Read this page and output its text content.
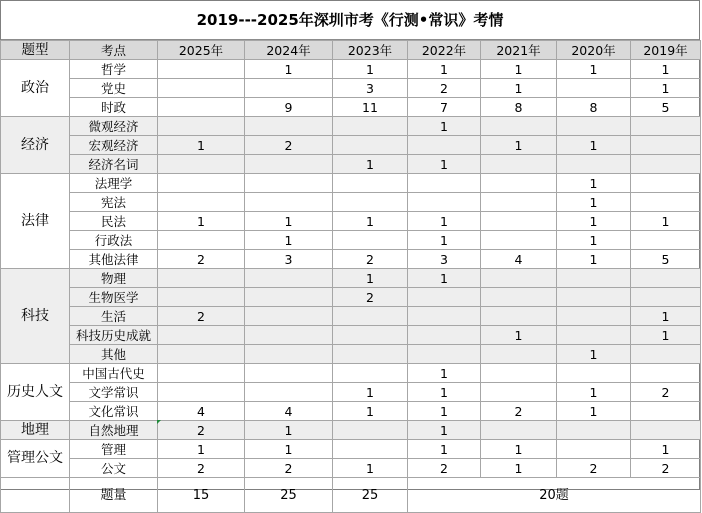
2019---2025年深圳市考《行测•常识》考情
题型	考点	2025年	2024年	2023年	2022年	2021年	2020年	2019年
政治	哲学		1	1	1	1	1	1
	党史			3	2	1		1
	时政		9	11	7	8	8	5
经济	微观经济				1			
	宏观经济	1	2			1	1	
	经济名词			1	1			
法律	法理学						1	
	宪法						1	
	民法	1	1	1	1		1	1
	行政法		1		1		1	
	其他法律	2	3	2	3	4	1	5
科技	物理			1	1			
	生物医学			2				
	生活	2						1
	科技历史成就					1		1
	其他						1	
历史人文	中国古代史				1			
	文学常识			1	1		1	2
	文化常识	4	4	1	1	2	1	
地理	自然地理	2	1		1			
管理公文	管理	1	1		1	1		1
	公文	2	2	1	2	1	2	2
	题量	15	25	25	20题			
